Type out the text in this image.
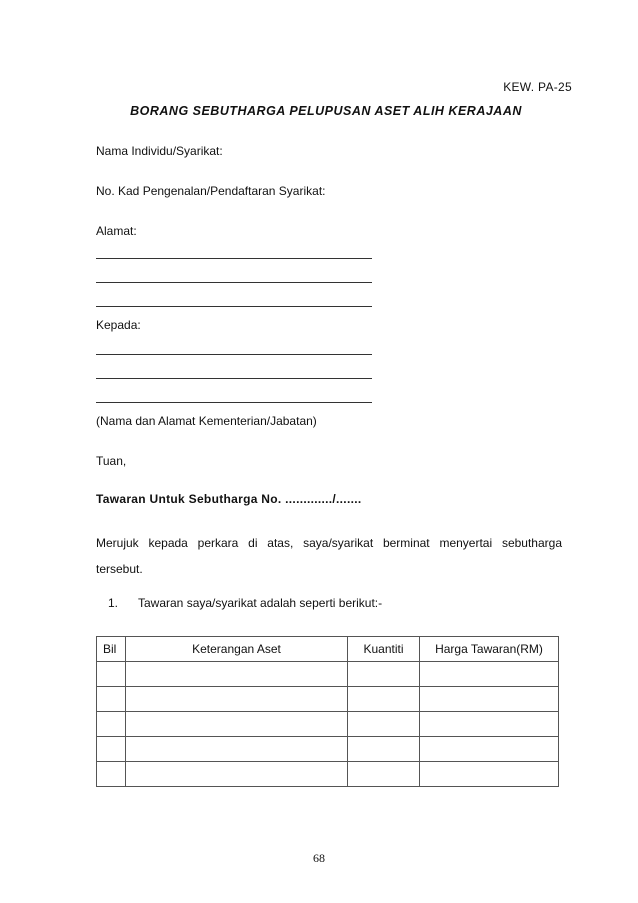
KEW. PA-25
BORANG SEBUTHARGA PELUPUSAN ASET ALIH KERAJAAN
Nama Individu/Syarikat:
No. Kad Pengenalan/Pendaftaran Syarikat:
Alamat:
Kepada:
(Nama dan Alamat Kementerian/Jabatan)
Tuan,
Tawaran Untuk Sebutharga No. ............./.......
Merujuk kepada perkara di atas, saya/syarikat berminat menyertai sebutharga tersebut.
1. Tawaran saya/syarikat adalah seperti berikut:-
Bil	Keterangan Aset	Kuantiti	Harga Tawaran(RM)

68
